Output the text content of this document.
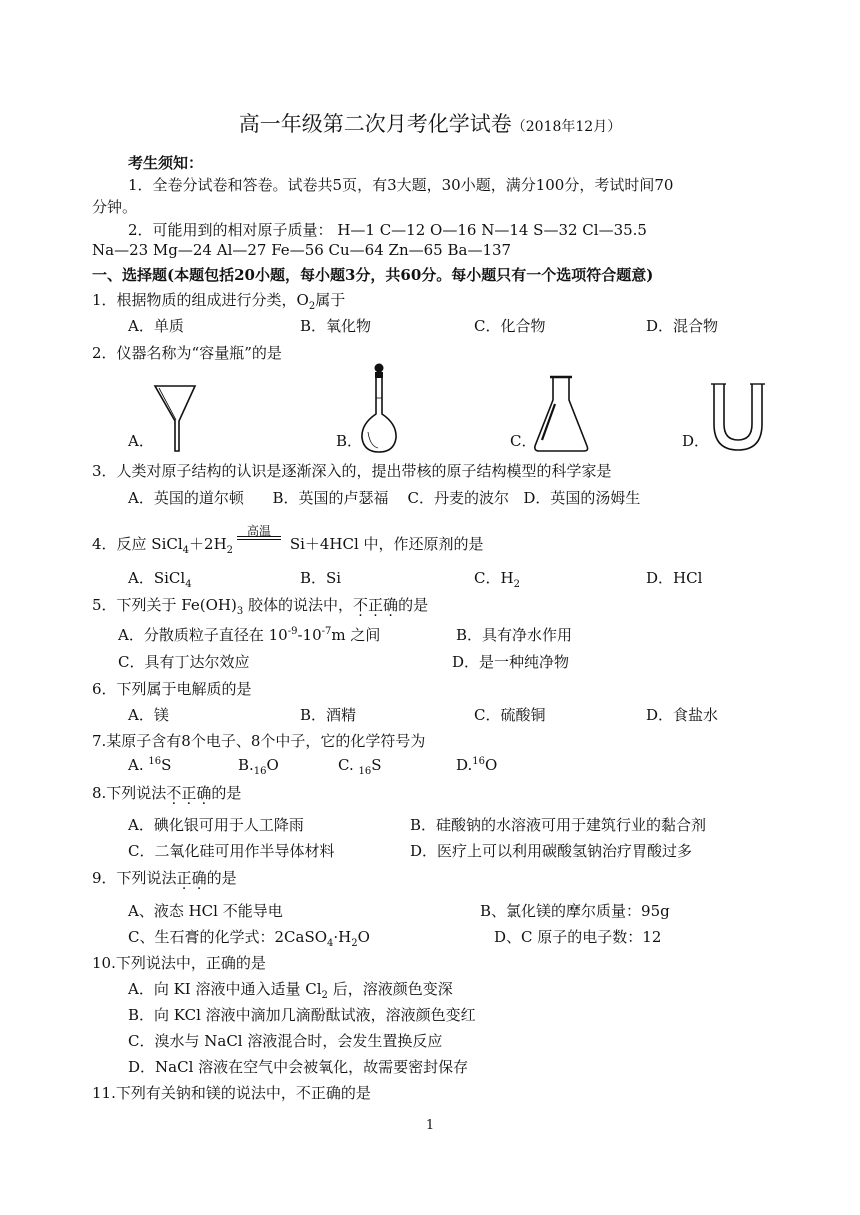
高一年级第二次月考化学试卷（2018年12月）
考生须知：
1．全卷分试卷和答卷。试卷共5页，有3大题，30小题，满分100分，考试时间70
分钟。
2．可能用到的相对原子质量： H—1 C—12 O—16 N—14 S—32 Cl—35.5
Na—23 Mg—24 Al—27 Fe—56 Cu—64 Zn—65 Ba—137
一、选择题(本题包括20小题，每小题3分，共60分。每小题只有一个选项符合题意)
1．根据物质的组成进行分类，$O_2$属于
A．单质	B．氧化物	C．化合物	D．混合物
2．仪器名称为“容量瓶”的是
A．	B．	C．	D．
3．人类对原子结构的认识是逐渐深入的，提出带核的原子结构模型的科学家是
A．英国的道尔顿      B．英国的卢瑟福    C．丹麦的波尔   D．英国的汤姆生
4．反应 $SiCl_4+2H_2$
高温
Si＋4HCl 中，作还原剂的是
A．SiCl$_4$	B．Si	C．$H_2$	D．HCl
5．下列关于 $Fe(OH)_3$ 胶体的说法中，不正确的是
A．分散质粒子直径在 $10^{-9}-10^{-7}m$ 之间	B．具有净水作用
C．具有丁达尔效应	D．是一种纯净物
6．下列属于电解质的是
A．镁	B．酒精	C．硫酸铜	D．食盐水
7.某原子含有8个电子、8个中子，它的化学符号为
A. $^{16}$S	$B._{16}O$	C. $_{16}$S	D.$^{16}$O
8.下列说法不正确的是
A．碘化银可用于人工降雨	B．硅酸钠的水溶液可用于建筑行业的黏合剂
C．二氧化硅可用作半导体材料	D．医疗上可以利用碳酸氢钠治疗胃酸过多
9．下列说法正确的是
A、液态 HCl 不能导电	B、氯化镁的摩尔质量：95g
C、生石膏的化学式：$2CaSO_4\cdot H_2O$	D、C 原子的电子数：12
10.下列说法中，正确的是
A．向 KI 溶液中通入适量 $Cl_2$ 后，溶液颜色变深
B．向 KCl 溶液中滴加几滴酚酞试液，溶液颜色变红
C．溴水与 NaCl 溶液混合时，会发生置换反应
D．NaCl 溶液在空气中会被氧化，故需要密封保存
11.下列有关钠和镁的说法中，不正确的是
1
